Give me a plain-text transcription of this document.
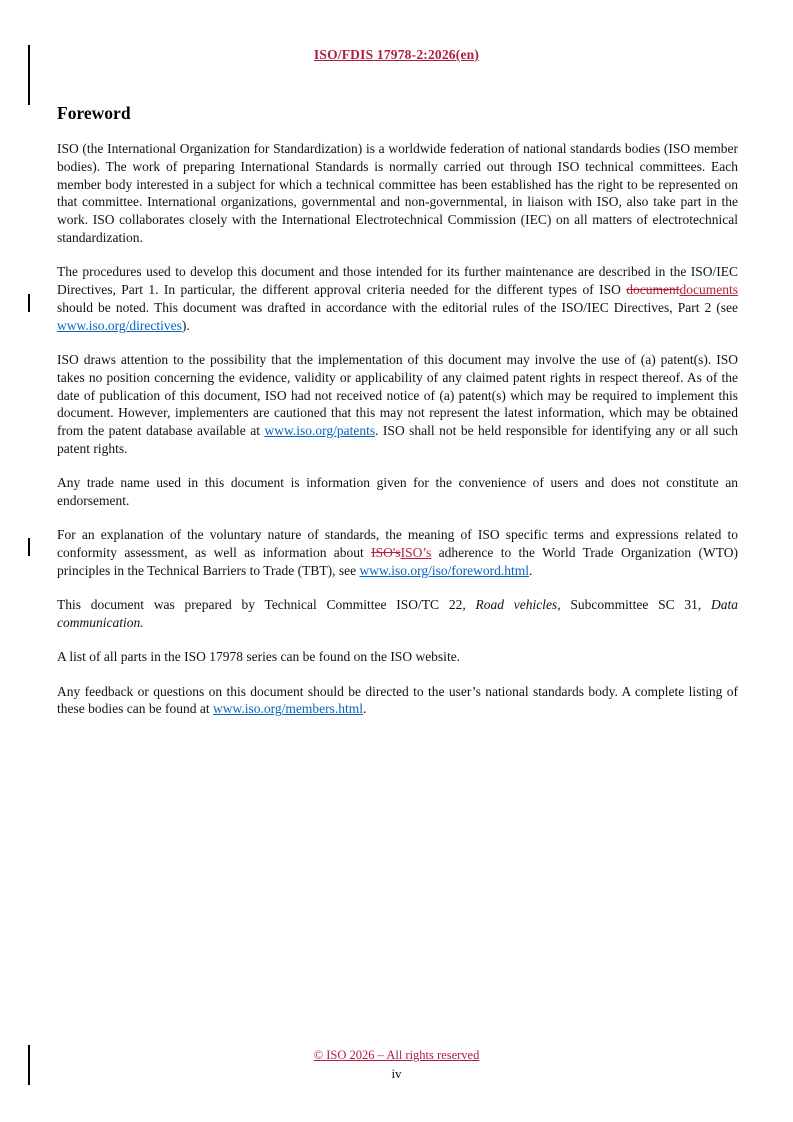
ISO/FDIS 17978-2:2026(en)
Foreword

ISO (the International Organization for Standardization) is a worldwide federation of national standards bodies (ISO member bodies). The work of preparing International Standards is normally carried out through ISO technical committees. Each member body interested in a subject for which a technical committee has been established has the right to be represented on that committee. International organizations, governmental and non-governmental, in liaison with ISO, also take part in the work. ISO collaborates closely with the International Electrotechnical Commission (IEC) on all matters of electrotechnical standardization.

The procedures used to develop this document and those intended for its further maintenance are described in the ISO/IEC Directives, Part 1. In particular, the different approval criteria needed for the different types of ISO documentdocuments should be noted. This document was drafted in accordance with the editorial rules of the ISO/IEC Directives, Part 2 (see www.iso.org/directives).

ISO draws attention to the possibility that the implementation of this document may involve the use of (a) patent(s). ISO takes no position concerning the evidence, validity or applicability of any claimed patent rights in respect thereof. As of the date of publication of this document, ISO had not received notice of (a) patent(s) which may be required to implement this document. However, implementers are cautioned that this may not represent the latest information, which may be obtained from the patent database available at www.iso.org/patents. ISO shall not be held responsible for identifying any or all such patent rights.

Any trade name used in this document is information given for the convenience of users and does not constitute an endorsement.

For an explanation of the voluntary nature of standards, the meaning of ISO specific terms and expressions related to conformity assessment, as well as information about ISO'sISO’s adherence to the World Trade Organization (WTO) principles in the Technical Barriers to Trade (TBT), see www.iso.org/iso/foreword.html.

This document was prepared by Technical Committee ISO/TC 22, Road vehicles, Subcommittee SC 31, Data communication.

A list of all parts in the ISO 17978 series can be found on the ISO website.

Any feedback or questions on this document should be directed to the user’s national standards body. A complete listing of these bodies can be found at www.iso.org/members.html.

© ISO 2026 – All rights reserved
iv
